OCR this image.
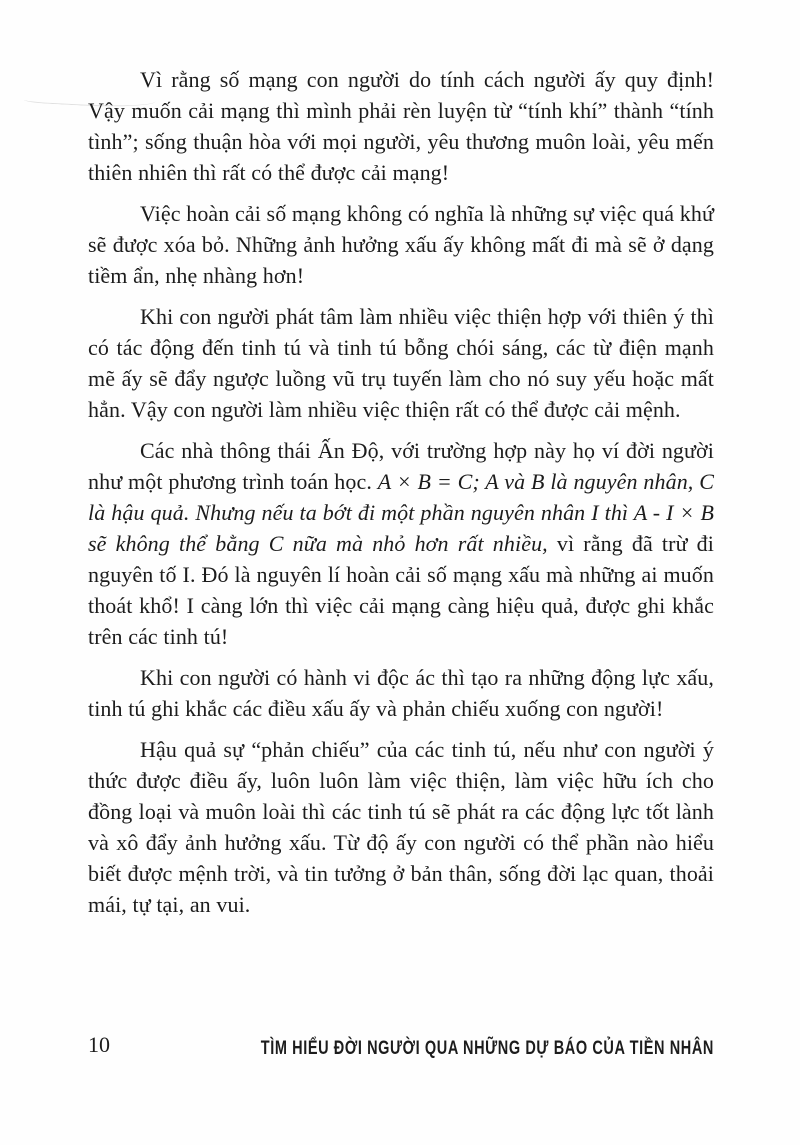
Vì rằng số mạng con người do tính cách người ấy quy định! Vậy muốn cải mạng thì mình phải rèn luyện từ “tính khí” thành “tính tình”; sống thuận hòa với mọi người, yêu thương muôn loài, yêu mến thiên nhiên thì rất có thể được cải mạng!

Việc hoàn cải số mạng không có nghĩa là những sự việc quá khứ sẽ được xóa bỏ. Những ảnh hưởng xấu ấy không mất đi mà sẽ ở dạng tiềm ẩn, nhẹ nhàng hơn!

Khi con người phát tâm làm nhiều việc thiện hợp với thiên ý thì có tác động đến tinh tú và tinh tú bỗng chói sáng, các từ điện mạnh mẽ ấy sẽ đẩy ngược luồng vũ trụ tuyến làm cho nó suy yếu hoặc mất hẳn. Vậy con người làm nhiều việc thiện rất có thể được cải mệnh.

Các nhà thông thái Ấn Độ, với trường hợp này họ ví đời người như một phương trình toán học. A × B = C; A và B là nguyên nhân, C là hậu quả. Nhưng nếu ta bớt đi một phần nguyên nhân I thì A - I × B sẽ không thể bằng C nữa mà nhỏ hơn rất nhiều, vì rằng đã trừ đi nguyên tố I. Đó là nguyên lí hoàn cải số mạng xấu mà những ai muốn thoát khổ! I càng lớn thì việc cải mạng càng hiệu quả, được ghi khắc trên các tinh tú!

Khi con người có hành vi độc ác thì tạo ra những động lực xấu, tinh tú ghi khắc các điều xấu ấy và phản chiếu xuống con người!

Hậu quả sự “phản chiếu” của các tinh tú, nếu như con người ý thức được điều ấy, luôn luôn làm việc thiện, làm việc hữu ích cho đồng loại và muôn loài thì các tinh tú sẽ phát ra các động lực tốt lành và xô đẩy ảnh hưởng xấu. Từ độ ấy con người có thể phần nào hiểu biết được mệnh trời, và tin tưởng ở bản thân, sống đời lạc quan, thoải mái, tự tại, an vui.

10	TÌM HIỂU ĐỜI NGƯỜI QUA NHỮNG DỰ BÁO CỦA TIỀN NHÂN
